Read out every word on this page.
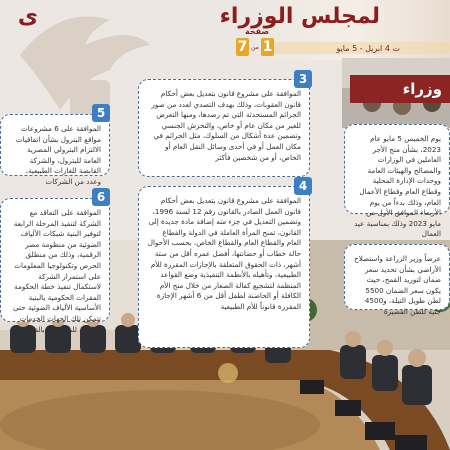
ى	لمجلس الوزراء
ت 4 ابريل - 5 مايو
صفحة
7 من 1
وزراء
الموافقة على مشروع قانون بتعديل بعض أحكام قانون العقوبات، وذلك بهدف التصدي لعدد من صور الجرائم المستحدثة التي تم رصدها، ومنها التعرض للغير من مكان عام أو خاص، والتحرش الجنسي وتضمين عدة أشكال من السلوك، مثل الجرائم في مكان العمل أو في أحدى وسائل النقل العام أو الخاص، أو من شخصين فأكثر
3
الموافقة على مشروع قانون بتعديل بعض أحكام قانون العمل الصادر بالقانون رقم 12 لسنة 1996، وتضمين التعديل في جزء منه إضافة مادة جديدة إلى القانون، تمنح المرأة العاملة في الدولة والقطاع العام والقطاع العام والقطاع الخاص، بحسب الأحوال حالة خطاب أو حضانتها، أفضل عمره أقل من ستة أشهر، ذات الحقوق المتعلقة بالإجازات المقررة للأم الطبيعية، وتأهيله بالأنظمة التنفيذية وضع القواعد المنظمة لتشجيع كفالة الصغار من خلال منح الأم الكافلة أو الحاضنة لطفل أقل من 6 أشهر الإجازة المقررة قانوناً للأم الطبيعية
4
الموافقة على 6 مشروعات مواقع البترول بشأن اتفاقيات الالتزام البترولي المصرية العامة للبترول، والشركة القابضة للغازات الطبيعية، وعدد من الشركات
5
الموافقة على التعاقد مع الشركة لتنفيذ المرحلة الرابعة لتوفير البنية شبكات الألياف الضوئية من منظومة مصر الرقمية، وذلك من منطلق الحرص وتكنولوجيا المعلومات على استمرار الشركة لاستكمال تنفيذ خطة الحكومة المقرات الحكومية بالبنية الأساسية الألياف الضوئية حتى تتمكن تلك الجهات الخدمات الرقمية للمواطنين بالقدر
6
يوم الخميس 5 مايو عام 2023، بشأن منح الأجر العاملين في الوزارات والمصالح والهيئات العامة ووحدات الإدارة المحلية وقطاع العام وقطاع الأعمال العام، وذلك بدءاً من يوم الأربعاء الموافق الأول من مايو 2023 وذلك بمناسبة عيد العمال
عرضاً وزير الزراعة واستصلاح الأراضي بشأن تحديد سعر ضمان لتوريد القمح، حيث يكون سعر الضمان 5500 لطن طويل التيلة، و4500 جنيه للطن القصيرة
